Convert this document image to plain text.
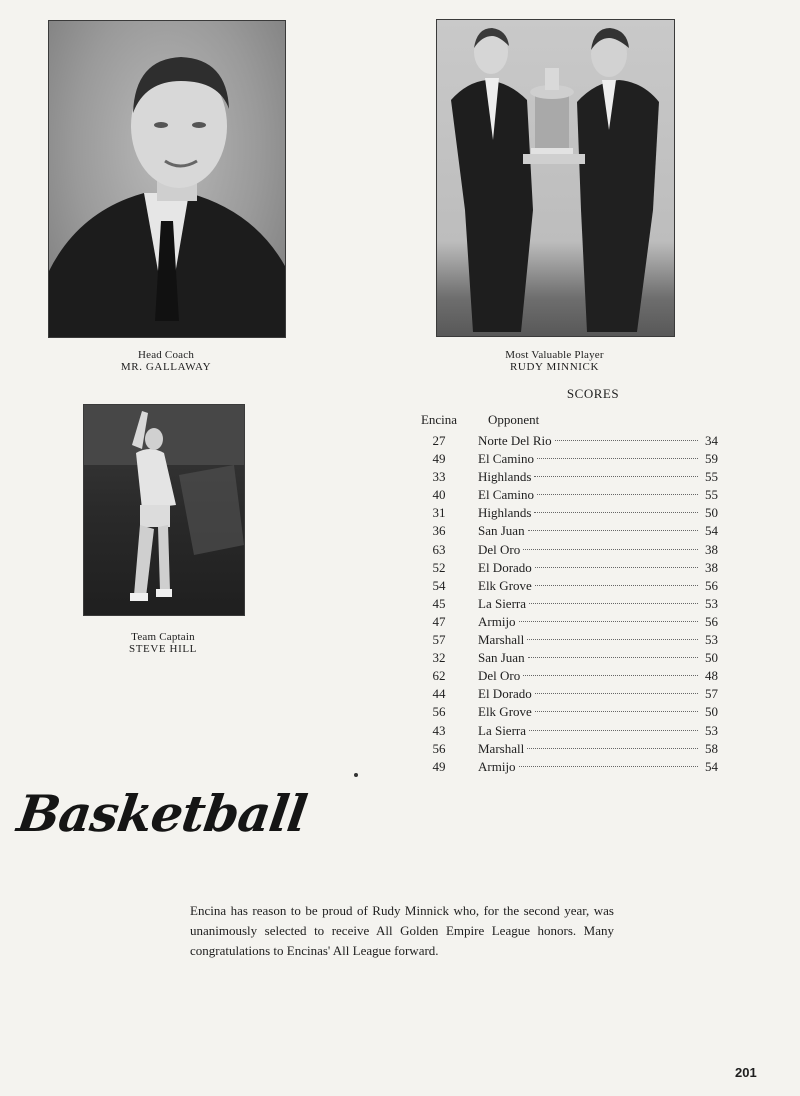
Head Coach
MR. GALLAWAY
Most Valuable Player
RUDY MINNICK
Team Captain
STEVE HILL
SCORES
Encina Opponent
27	Norte Del Rio	34
49	El Camino	59
33	Highlands	55
40	El Camino	55
31	Highlands	50
36	San Juan	54
63	Del Oro	38
52	El Dorado	38
54	Elk Grove	56
45	La Sierra	53
47	Armijo	56
57	Marshall	53
32	San Juan	50
62	Del Oro	48
44	El Dorado	57
56	Elk Grove	50
43	La Sierra	53
56	Marshall	58
49	Armijo	54
Basketball
Encina has reason to be proud of Rudy Minnick who, for the second year, was unanimously selected to receive All Golden Empire League honors. Many congratulations to Encinas' All League forward.
201
